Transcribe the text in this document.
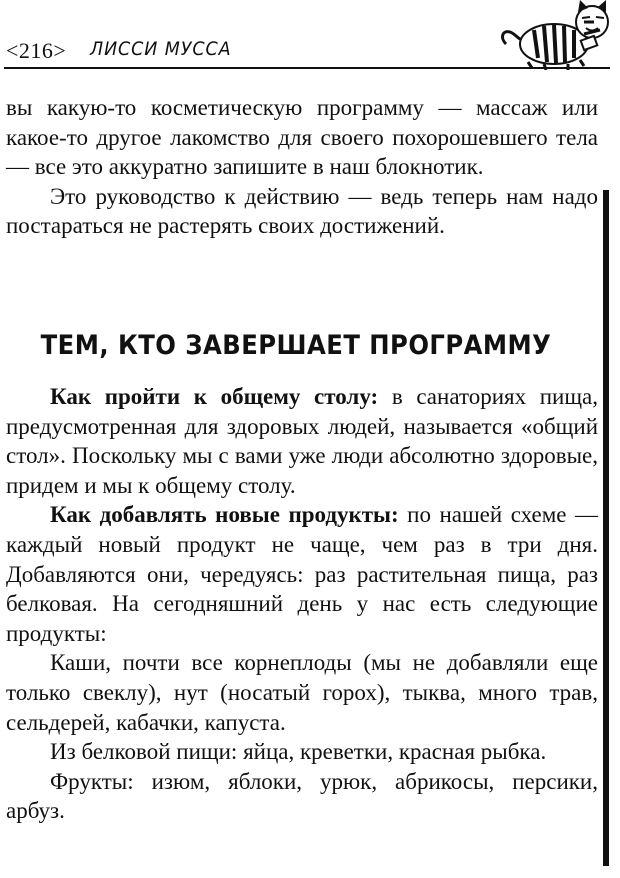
<216> ЛИССИ МУССА

вы какую-то косметическую программу — массаж или какое-то другое лакомство для своего похорошевшего тела — все это аккуратно запишите в наш блокнотик.

Это руководство к действию — ведь теперь нам надо постараться не растерять своих достижений.

ТЕМ, КТО ЗАВЕРШАЕТ ПРОГРАММУ

Как пройти к общему столу: в санаториях пища, предусмотренная для здоровых людей, называется «общий стол». Поскольку мы с вами уже люди абсолютно здоровые, придем и мы к общему столу.

Как добавлять новые продукты: по нашей схеме — каждый новый продукт не чаще, чем раз в три дня. Добавляются они, чередуясь: раз растительная пища, раз белковая. На сегодняшний день у нас есть следующие продукты:

Каши, почти все корнеплоды (мы не добавляли еще только свеклу), нут (носатый горох), тыква, много трав, сельдерей, кабачки, капуста.

Из белковой пищи: яйца, креветки, красная рыбка.

Фрукты: изюм, яблоки, урюк, абрикосы, персики, арбуз.
